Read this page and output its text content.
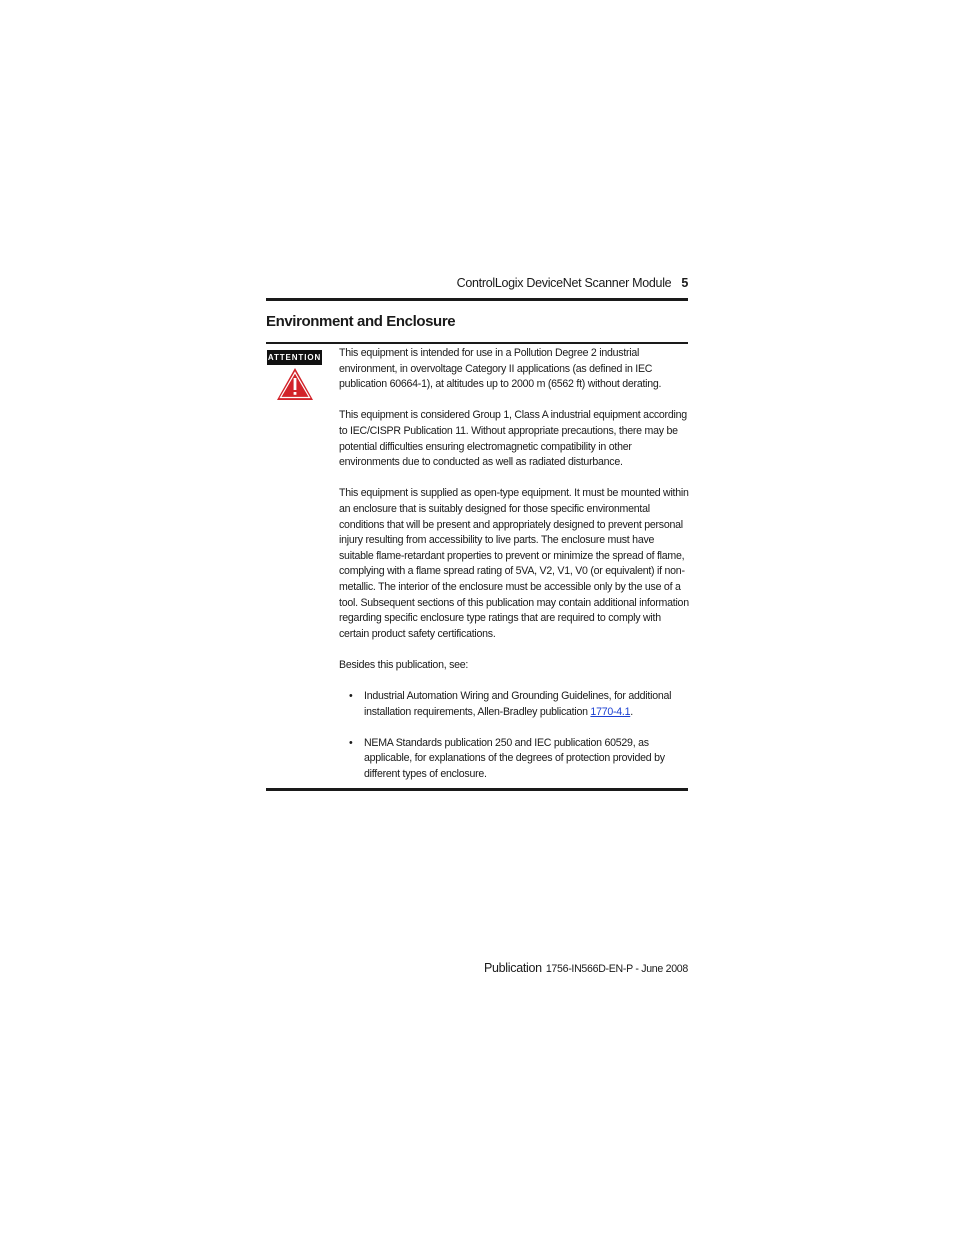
ControlLogix DeviceNet Scanner Module 5
Environment and Enclosure
ATTENTION This equipment is intended for use in a Pollution Degree 2 industrial environment, in overvoltage Category II applications (as defined in IEC publication 60664-1), at altitudes up to 2000 m (6562 ft) without derating.

This equipment is considered Group 1, Class A industrial equipment according to IEC/CISPR Publication 11. Without appropriate precautions, there may be potential difficulties ensuring electromagnetic compatibility in other environments due to conducted as well as radiated disturbance.

This equipment is supplied as open-type equipment. It must be mounted within an enclosure that is suitably designed for those specific environmental conditions that will be present and appropriately designed to prevent personal injury resulting from accessibility to live parts. The enclosure must have suitable flame-retardant properties to prevent or minimize the spread of flame, complying with a flame spread rating of 5VA, V2, V1, V0 (or equivalent) if non-metallic. The interior of the enclosure must be accessible only by the use of a tool. Subsequent sections of this publication may contain additional information regarding specific enclosure type ratings that are required to comply with certain product safety certifications.

Besides this publication, see:

• Industrial Automation Wiring and Grounding Guidelines, for additional installation requirements, Allen-Bradley publication 1770-4.1.
• NEMA Standards publication 250 and IEC publication 60529, as applicable, for explanations of the degrees of protection provided by different types of enclosure.
Publication 1756-IN566D-EN-P - June 2008
